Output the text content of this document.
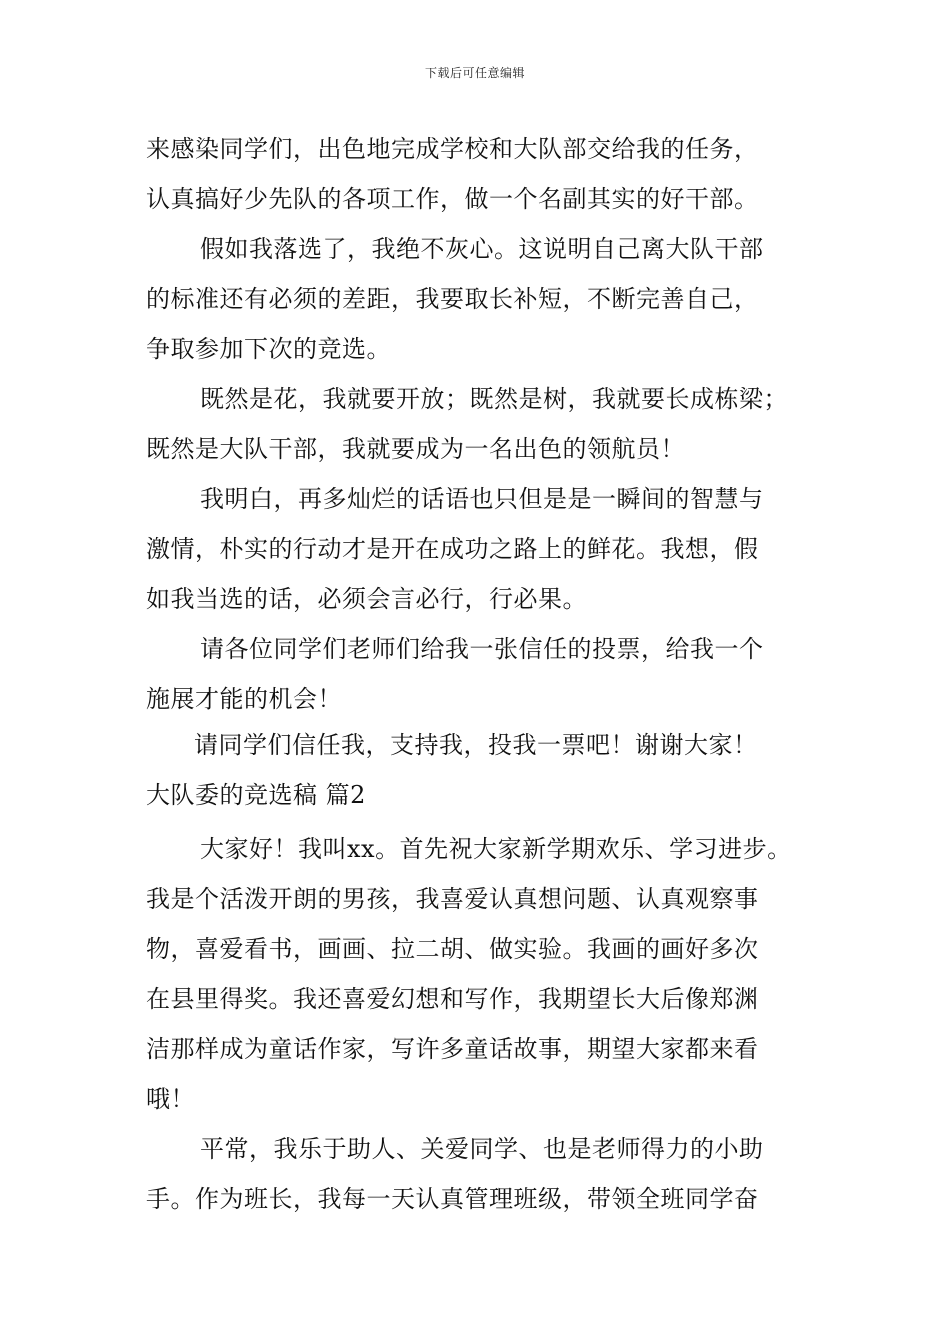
下载后可任意编辑
来感染同学们，出色地完成学校和大队部交给我的任务，
认真搞好少先队的各项工作，做一个名副其实的好干部。
假如我落选了，我绝不灰心。这说明自己离大队干部
的标准还有必须的差距，我要取长补短，不断完善自己，
争取参加下次的竞选。
既然是花，我就要开放；既然是树，我就要长成栋梁；
既然是大队干部，我就要成为一名出色的领航员！
我明白，再多灿烂的话语也只但是是一瞬间的智慧与
激情，朴实的行动才是开在成功之路上的鲜花。我想，假
如我当选的话，必须会言必行，行必果。
请各位同学们老师们给我一张信任的投票，给我一个
施展才能的机会！
请同学们信任我，支持我，投我一票吧！谢谢大家！
大队委的竞选稿 篇2
大家好！我叫xx。首先祝大家新学期欢乐、学习进步。
我是个活泼开朗的男孩，我喜爱认真想问题、认真观察事
物，喜爱看书，画画、拉二胡、做实验。我画的画好多次
在县里得奖。我还喜爱幻想和写作，我期望长大后像郑渊
洁那样成为童话作家，写许多童话故事，期望大家都来看
哦！
平常，我乐于助人、关爱同学、也是老师得力的小助
手。作为班长，我每一天认真管理班级，带领全班同学奋
